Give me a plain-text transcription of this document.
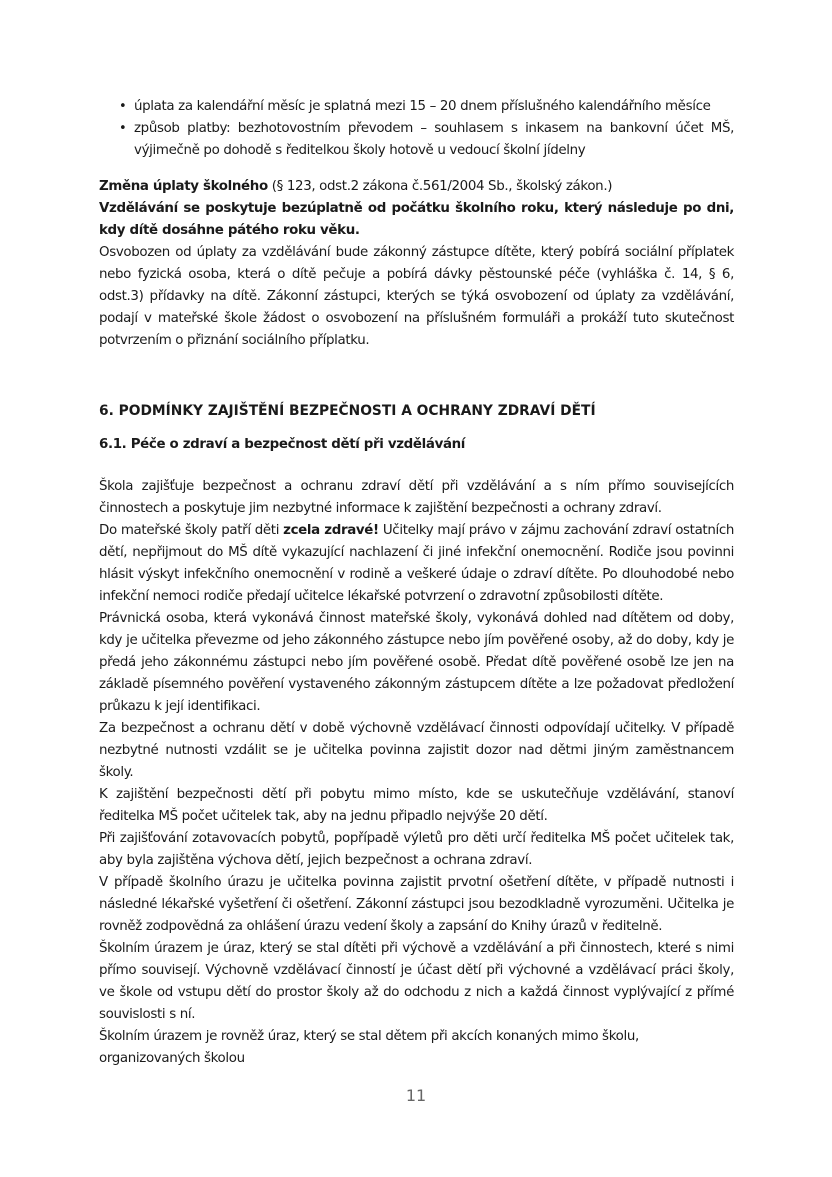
• úplata za kalendářní měsíc je splatná mezi 15 – 20 dnem příslušného kalendářního měsíce
• způsob platby: bezhotovostním převodem – souhlasem s inkasem na bankovní účet MŠ, výjimečně po dohodě s ředitelkou školy hotově u vedoucí školní jídelny

Změna úplaty školného (§ 123, odst.2 zákona č.561/2004 Sb., školský zákon.)

Vzdělávání se poskytuje bezúplatně od počátku školního roku, který následuje po dni, kdy dítě dosáhne pátého roku věku.

Osvobozen od úplaty za vzdělávání bude zákonný zástupce dítěte, který pobírá sociální příplatek nebo fyzická osoba, která o dítě pečuje a pobírá dávky pěstounské péče (vyhláška č. 14, § 6, odst.3) přídavky na dítě. Zákonní zástupci, kterých se týká osvobození od úplaty za vzdělávání, podají v mateřské škole žádost o osvobození na příslušném formuláři a prokáží tuto skutečnost potvrzením o přiznání sociálního příplatku.

6. PODMÍNKY ZAJIŠTĚNÍ BEZPEČNOSTI A OCHRANY ZDRAVÍ DĚTÍ
6.1. Péče o zdraví a bezpečnost dětí při vzdělávání

Škola zajišťuje bezpečnost a ochranu zdraví dětí při vzdělávání a s ním přímo souvisejících činnostech a poskytuje jim nezbytné informace k zajištění bezpečnosti a ochrany zdraví.

Do mateřské školy patří děti zcela zdravé! Učitelky mají právo v zájmu zachování zdraví ostatních dětí, nepřijmout do MŠ dítě vykazující nachlazení či jiné infekční onemocnění. Rodiče jsou povinni hlásit výskyt infekčního onemocnění v rodině a veškeré údaje o zdraví dítěte. Po dlouhodobé nebo infekční nemoci rodiče předají učitelce lékařské potvrzení o zdravotní způsobilosti dítěte.

Právnická osoba, která vykonává činnost mateřské školy, vykonává dohled nad dítětem od doby, kdy je učitelka převezme od jeho zákonného zástupce nebo jím pověřené osoby, až do doby, kdy je předá jeho zákonnému zástupci nebo jím pověřené osobě. Předat dítě pověřené osobě lze jen na základě písemného pověření vystaveného zákonným zástupcem dítěte a lze požadovat předložení průkazu k její identifikaci.

Za bezpečnost a ochranu dětí v době výchovně vzdělávací činnosti odpovídají učitelky. V případě nezbytné nutnosti vzdálit se je učitelka povinna zajistit dozor nad dětmi jiným zaměstnancem školy.

K zajištění bezpečnosti dětí při pobytu mimo místo, kde se uskutečňuje vzdělávání, stanoví ředitelka MŠ počet učitelek tak, aby na jednu připadlo nejvýše 20 dětí.

Při zajišťování zotavovacích pobytů, popřípadě výletů pro děti určí ředitelka MŠ počet učitelek tak, aby byla zajištěna výchova dětí, jejich bezpečnost a ochrana zdraví.

V případě školního úrazu je učitelka povinna zajistit prvotní ošetření dítěte, v případě nutnosti i následné lékařské vyšetření či ošetření. Zákonní zástupci jsou bezodkladně vyrozuměni. Učitelka je rovněž zodpovědná za ohlášení úrazu vedení školy a zapsání do Knihy úrazů v ředitelně.

Školním úrazem je úraz, který se stal dítěti při výchově a vzdělávání a při činnostech, které s nimi přímo souvisejí. Výchovně vzdělávací činností je účast dětí při výchovné a vzdělávací práci školy, ve škole od vstupu dětí do prostor školy až do odchodu z nich a každá činnost vyplývající z přímé souvislosti s ní.

Školním úrazem je rovněž úraz, který se stal dětem při akcích konaných mimo školu, organizovaných školou

11
